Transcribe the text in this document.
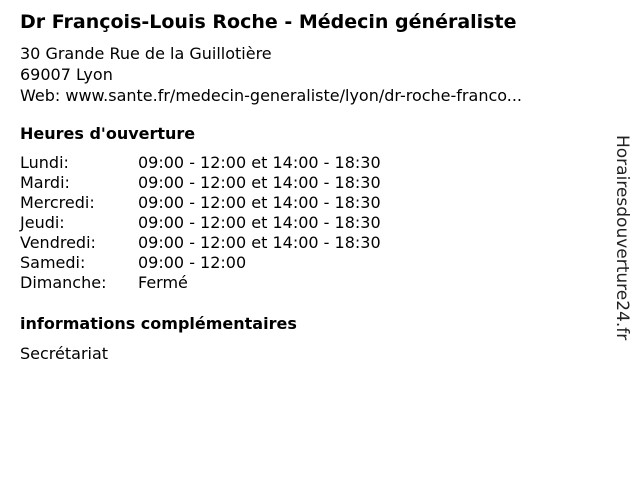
Dr François-Louis Roche - Médecin généraliste
30 Grande Rue de la Guillotière
69007 Lyon
Web: www.sante.fr/medecin-generaliste/lyon/dr-roche-franco...
Heures d'ouverture
Lundi:	09:00 - 12:00 et 14:00 - 18:30
Mardi:	09:00 - 12:00 et 14:00 - 18:30
Mercredi:	09:00 - 12:00 et 14:00 - 18:30
Jeudi:	09:00 - 12:00 et 14:00 - 18:30
Vendredi:	09:00 - 12:00 et 14:00 - 18:30
Samedi:	09:00 - 12:00
Dimanche: Fermé
informations complémentaires
Secrétariat
Horairesdouverture24.fr
